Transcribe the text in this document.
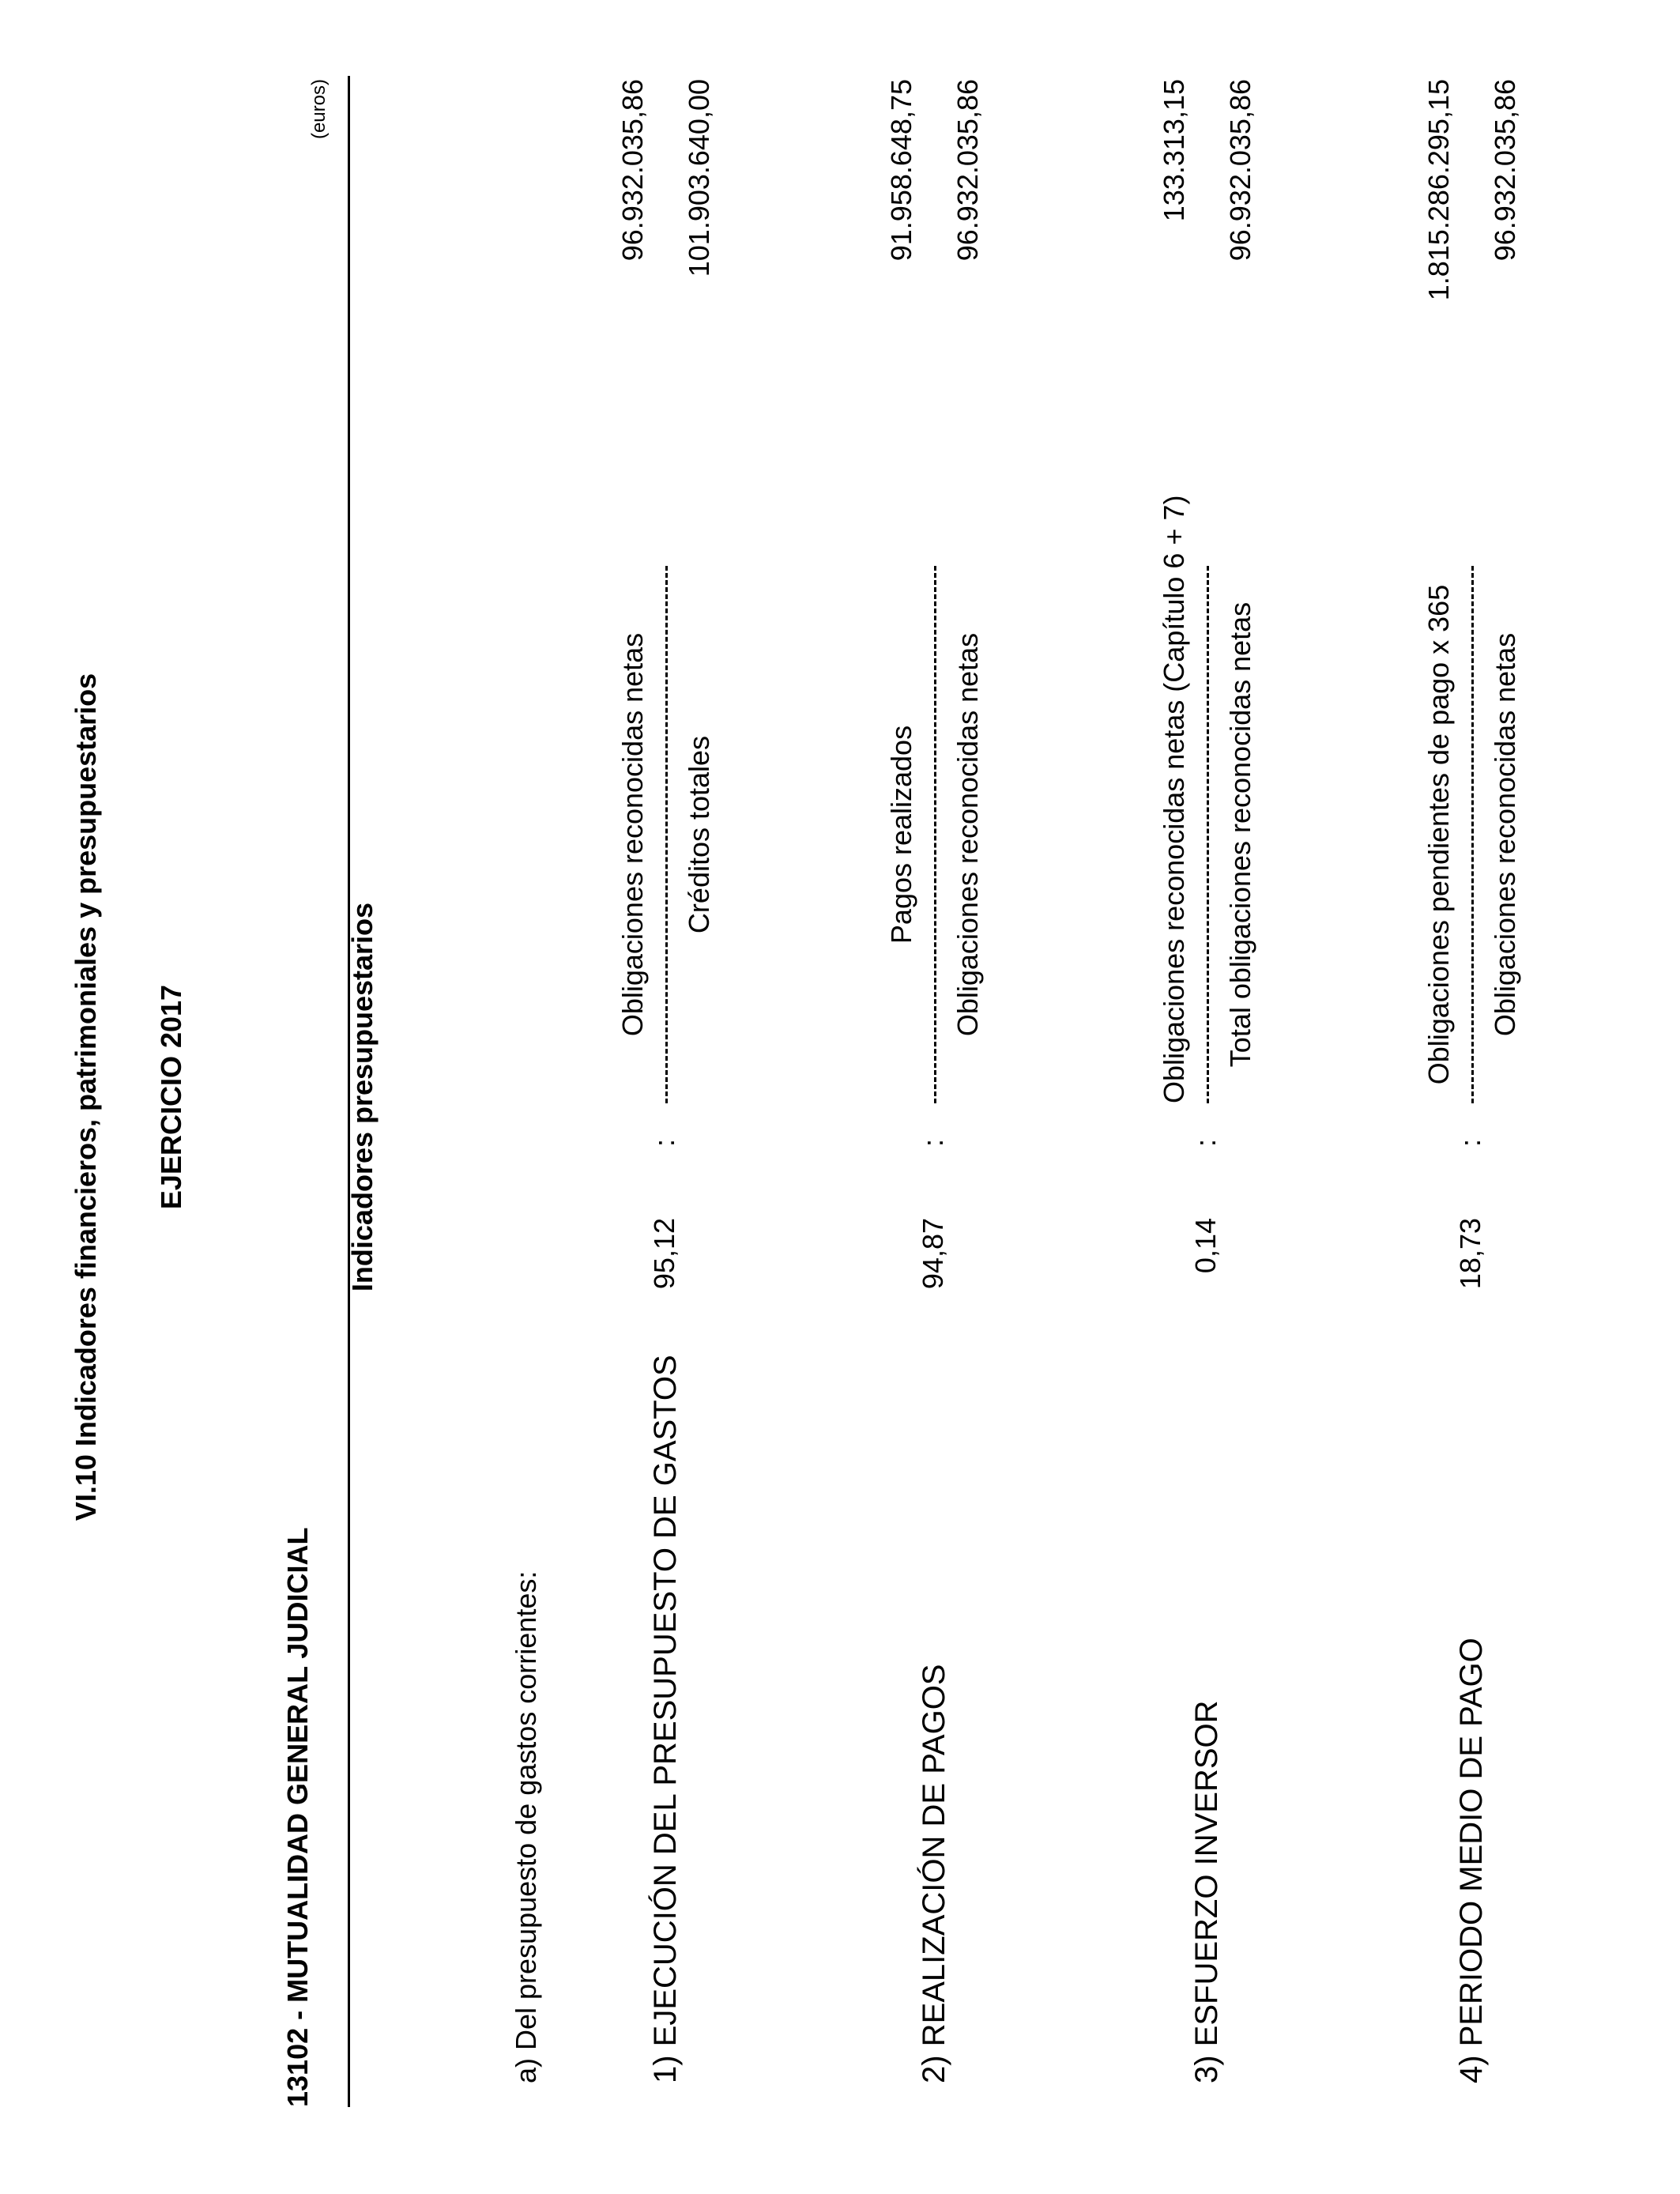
VI.10 Indicadores financieros, patrimoniales y presupuestarios EJERCICIO 2017
13102 - MUTUALIDAD GENERAL JUDICIAL
Indicadores presupuestarios
(euros)
a) Del presupuesto de gastos corrientes:	1) EJECUCIÓN DEL PRESUPUESTO DE GASTOS
95,12
:
Obligaciones reconocidas netas Créditos totales
96.932.035,86 101.903.640,00
2) REALIZACIÓN DE PAGOS
94,87
:
Pagos realizados Obligaciones reconocidas netas
91.958.648,75 96.932.035,86
3) ESFUERZO INVERSOR
0,14
:
Obligaciones reconocidas netas (Capítulo 6 + 7) Total obligaciones reconocidas netas
133.313,15 96.932.035,86
4) PERIODO MEDIO DE PAGO
18,73
:
Obligaciones pendientes de pago x 365 Obligaciones reconocidas netas
1.815.286.295,15 96.932.035,86
